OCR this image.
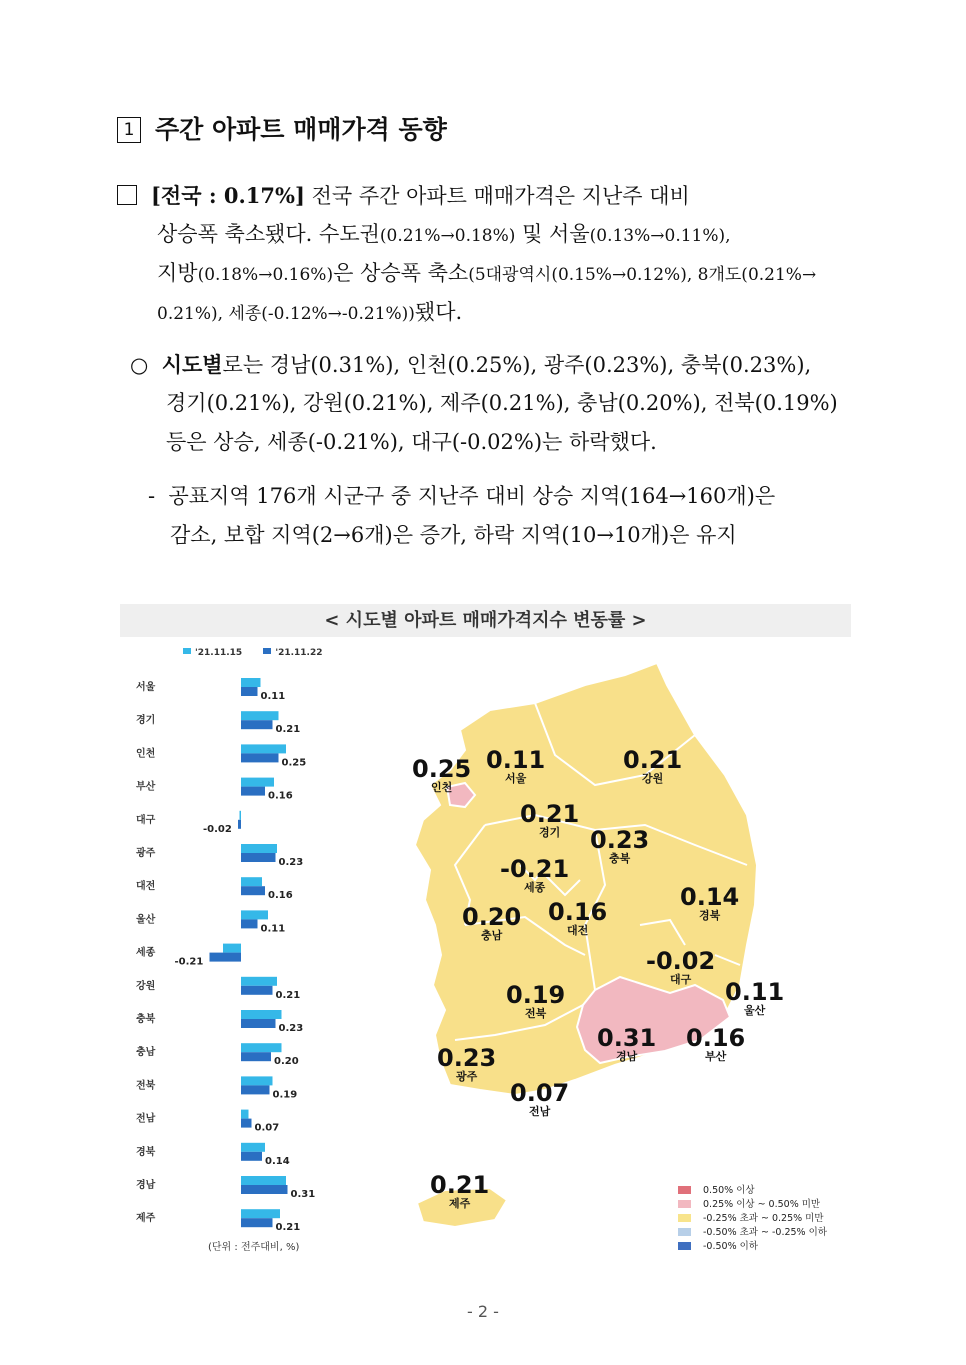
1 주간 아파트 매매가격 동향
[전국 : 0.17%] 전국 주간 아파트 매매가격은 지난주 대비
상승폭 축소됐다. 수도권(0.21%→0.18%) 및 서울(0.13%→0.11%),
지방(0.18%→0.16%)은 상승폭 축소(5대광역시(0.15%→0.12%), 8개도(0.21%→
0.21%), 세종(-0.12%→-0.21%))됐다.
○ 시도별로는 경남(0.31%), 인천(0.25%), 광주(0.23%), 충북(0.23%),
경기(0.21%), 강원(0.21%), 제주(0.21%), 충남(0.20%), 전북(0.19%)
등은 상승, 세종(-0.21%), 대구(-0.02%)는 하락했다.
- 공표지역 176개 시군구 중 지난주 대비 상승 지역(164→160개)은
감소, 보합 지역(2→6개)은 증가, 하락 지역(10→10개)은 유지
< 시도별 아파트 매매가격지수 변동률 >
'21.11.15	'21.11.22
서울
0.11
경기
0.21
인천
0.25
부산
0.16
대구
-0.02
광주
0.23
대전
0.16
울산
0.11
세종
-0.21
강원
0.21
충북
0.23
충남
0.20
전북
0.19
전남
0.07
경북
0.14
경남
0.31
제주
0.21
(단위 : 전주대비, %)
0.25
인천
0.11
서울
0.21
강원
0.21
경기	0.23
충북
-0.21
세종	0.14
경북
0.20
충남
0.16
대전
-0.02
대구	0.11
울산
0.19
전북
0.31
경남
0.16
부산
0.23
광주
0.07
전남
0.21
제주
0.50% 이상
0.25% 이상 ~ 0.50% 미만
-0.25% 초과 ~ 0.25% 미만
-0.50% 초과 ~ -0.25% 이하
-0.50% 이하
- 2 -
